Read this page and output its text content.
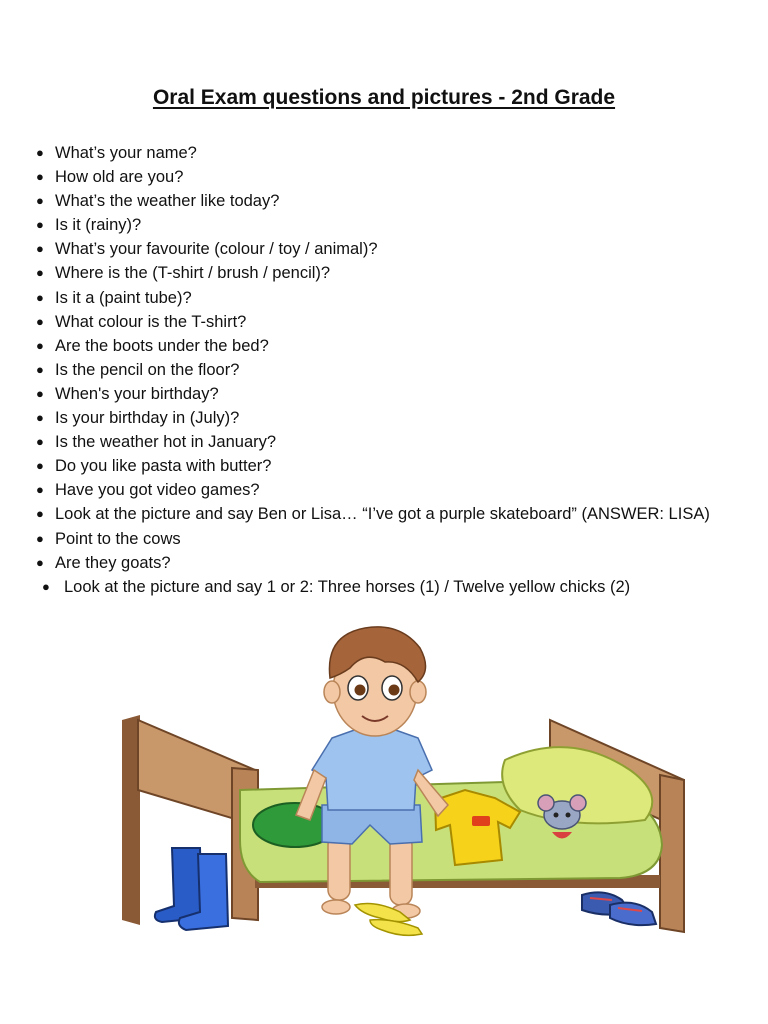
Oral Exam questions and pictures - 2nd Grade
● What’s your name?
● How old are you?
● What’s the weather like today?
● Is it (rainy)?
● What’s your favourite (colour / toy / animal)?
● Where is the (T-shirt / brush / pencil)?
● Is it a (paint tube)?
● What colour is the T-shirt?
● Are the boots under the bed?
● Is the pencil on the floor?
● When's your birthday?
● Is your birthday in (July)?
● Is the weather hot in January?
● Do you like pasta with butter?
● Have you got video games?
● Look at the picture and say Ben or Lisa… “I’ve got a purple skateboard” (ANSWER: LISA)
● Point to the cows
● Are they goats?
● Look at the picture and say 1 or 2: Three horses (1) / Twelve yellow chicks (2)
